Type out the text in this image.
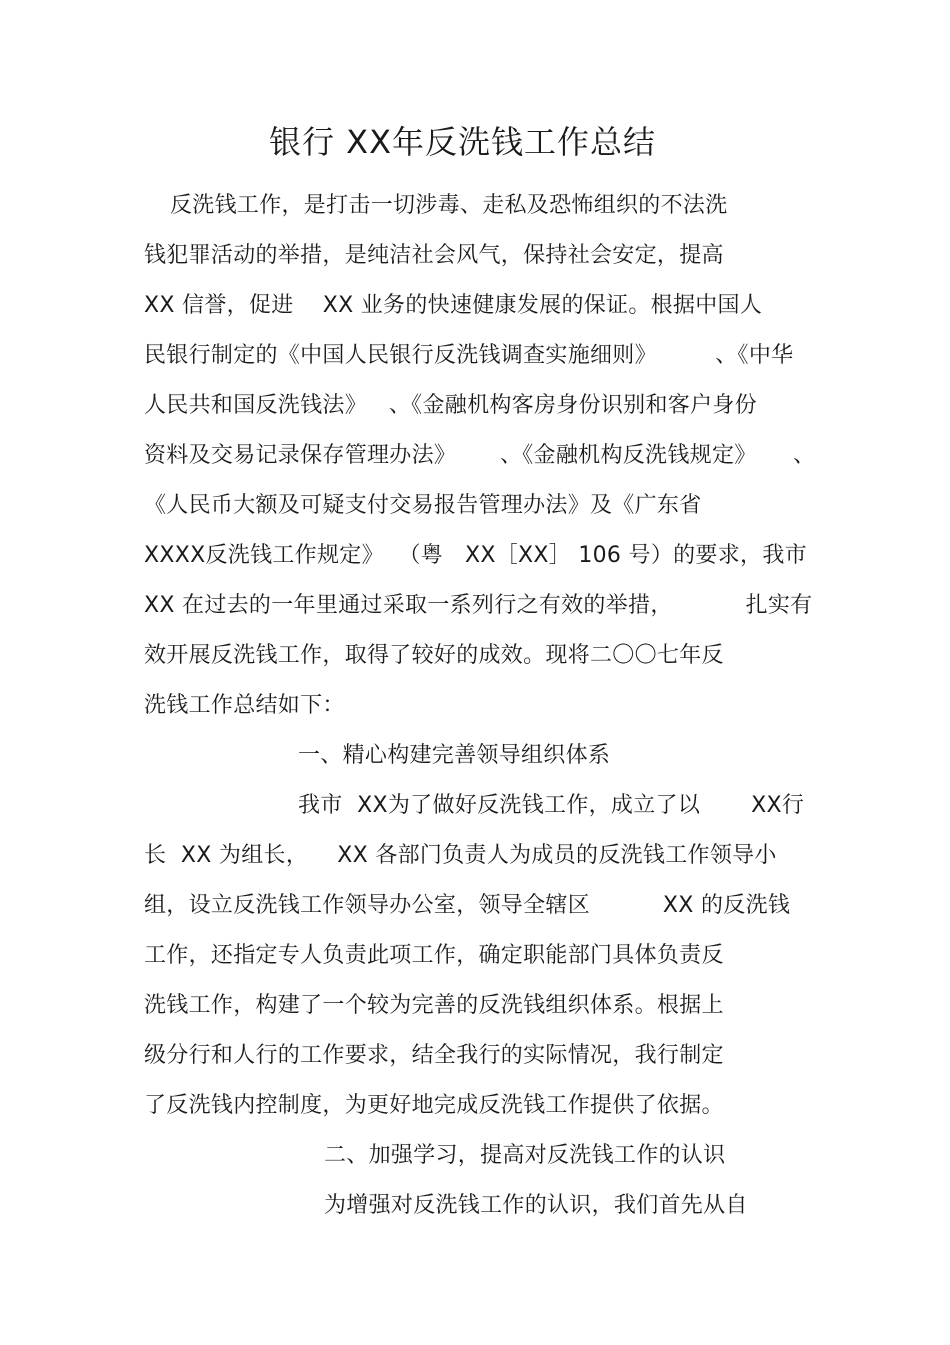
银行 XX年反洗钱工作总结
反洗钱工作，是打击一切涉毒、走私及恐怖组织的不法洗
钱犯罪活动的举措，是纯洁社会风气，保持社会安定，提高
XX 信誉，促进    XX 业务的快速健康发展的保证。根据中国人
民银行制定的《中国人民银行反洗钱调查实施细则》        、《中华
人民共和国反洗钱法》   、《金融机构客房身份识别和客户身份
资料及交易记录保存管理办法》      、《金融机构反洗钱规定》     、
《人民币大额及可疑支付交易报告管理办法》及《广东省
XXXX反洗钱工作规定》  （粤   XX［XX］ 106 号）的要求，我市
XX 在过去的一年里通过采取一系列行之有效的举措，          扎实有
效开展反洗钱工作，取得了较好的成效。现将二〇〇七年反
洗钱工作总结如下：
一、精心构建完善领导组织体系
我市  XX为了做好反洗钱工作，成立了以       XX行
长  XX 为组长，    XX 各部门负责人为成员的反洗钱工作领导小
组，设立反洗钱工作领导办公室，领导全辖区          XX 的反洗钱
工作，还指定专人负责此项工作，确定职能部门具体负责反
洗钱工作，构建了一个较为完善的反洗钱组织体系。根据上
级分行和人行的工作要求，结全我行的实际情况，我行制定
了反洗钱内控制度，为更好地完成反洗钱工作提供了依据。
二、加强学习，提高对反洗钱工作的认识
为增强对反洗钱工作的认识，我们首先从自
